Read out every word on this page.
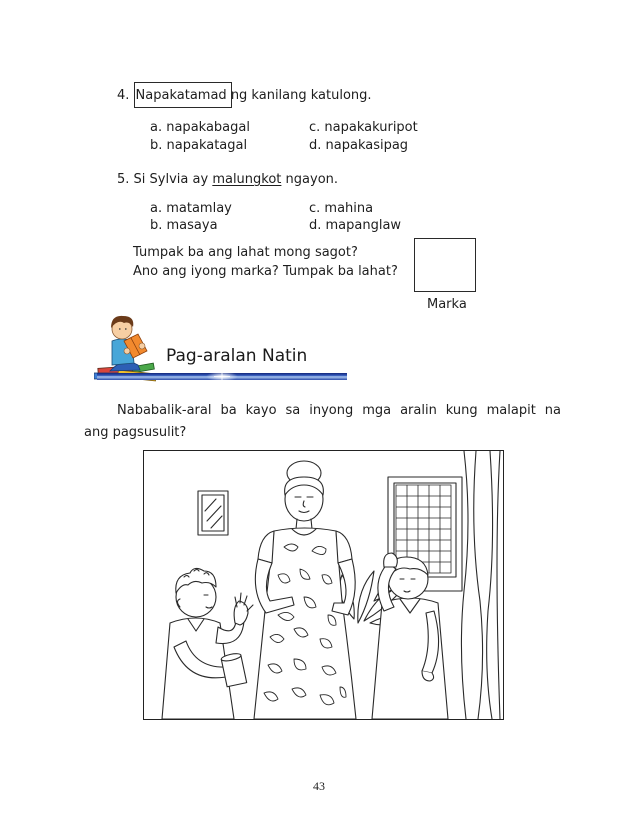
4. Napakatamad ng kanilang katulong.
a. napakabagal	c. napakakuripot
b. napakatagal	d. napakasipag
5. Si Sylvia ay malungkot ngayon.
a. matamlay	c. mahina
b. masaya	d. mapanglaw
Tumpak ba ang lahat mong sagot?
Ano ang iyong marka? Tumpak ba lahat?
Marka
Pag-aralan Natin
Nababalik-aral ba kayo sa inyong mga aralin kung malapit na
ang pagsusulit?
43
